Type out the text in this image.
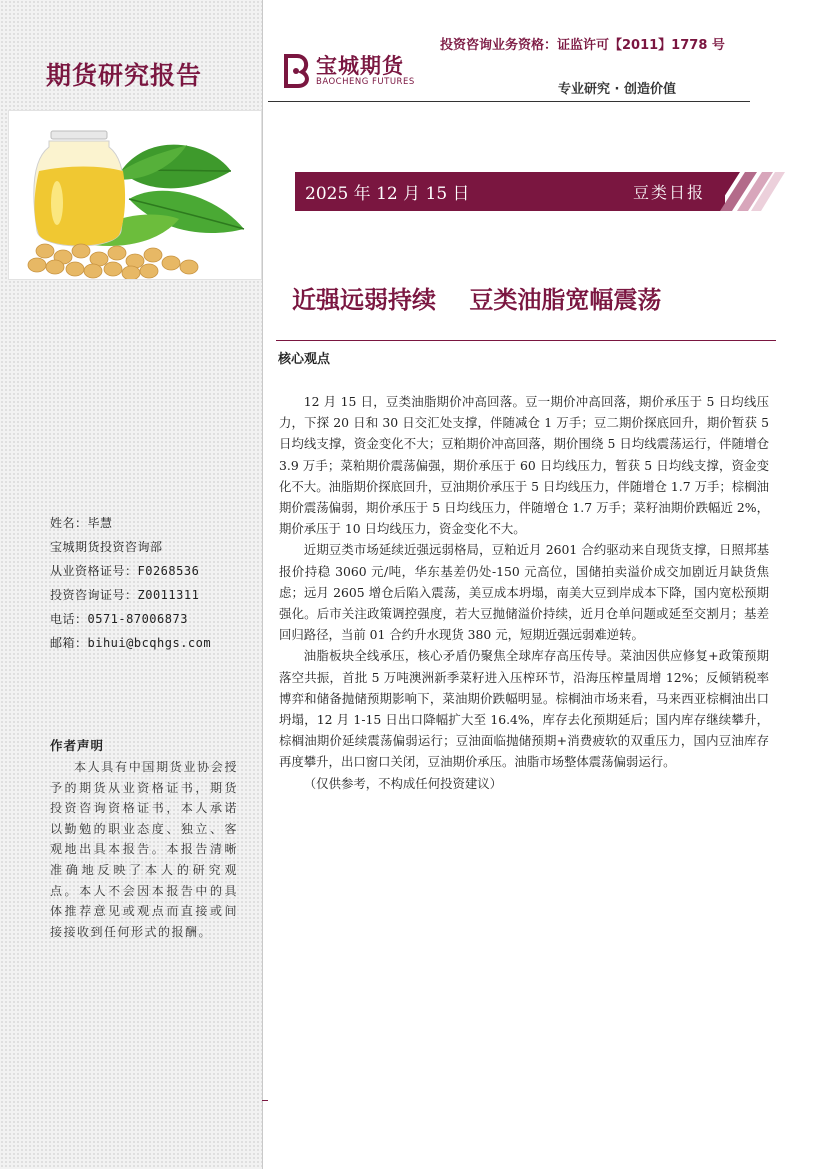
期货研究报告
投资咨询业务资格：证监许可【2011】1778 号
宝城期货
BAOCHENG FUTURES	专业研究 · 创造价值
2025 年 12 月 15 日	豆类日报
近强远弱持续    豆类油脂宽幅震荡
核心观点

12 月 15 日，豆类油脂期价冲高回落。豆一期价冲高回落，期价承压于 5 日均线压力，下探 20 日和 30 日交汇处支撑，伴随减仓 1 万手；豆二期价探底回升，期价暂获 5 日均线支撑，资金变化不大；豆粕期价冲高回落，期价围绕 5 日均线震荡运行，伴随增仓 3.9 万手；菜粕期价震荡偏强，期价承压于 60 日均线压力，暂获 5 日均线支撑，资金变化不大。油脂期价探底回升，豆油期价承压于 5 日均线压力，伴随增仓 1.7 万手；棕榈油期价震荡偏弱，期价承压于 5 日均线压力，伴随增仓 1.7 万手；菜籽油期价跌幅近 2%，期价承压于 10 日均线压力，资金变化不大。

近期豆类市场延续近强远弱格局，豆粕近月 2601 合约驱动来自现货支撑，日照邦基报价持稳 3060 元/吨，华东基差仍处-150 元高位，国储拍卖溢价成交加剧近月缺货焦虑；远月 2605 增仓后陷入震荡，美豆成本坍塌，南美大豆到岸成本下降，国内宽松预期强化。后市关注政策调控强度，若大豆抛储溢价持续，近月仓单问题或延至交割月；基差回归路径，当前 01 合约升水现货 380 元，短期近强远弱难逆转。

油脂板块全线承压，核心矛盾仍聚焦全球库存高压传导。菜油因供应修复+政策预期落空共振，首批 5 万吨澳洲新季菜籽进入压榨环节，沿海压榨量周增 12%；反倾销税率博弈和储备抛储预期影响下，菜油期价跌幅明显。棕榈油市场来看，马来西亚棕榈油出口坍塌，12 月 1-15 日出口降幅扩大至 16.4%，库存去化预期延后；国内库存继续攀升，棕榈油期价延续震荡偏弱运行；豆油面临抛储预期+消费疲软的双重压力，国内豆油库存再度攀升，出口窗口关闭，豆油期价承压。油脂市场整体震荡偏弱运行。

（仅供参考，不构成任何投资建议）

姓名：毕慧
宝城期货投资咨询部
从业资格证号：F0268536
投资咨询证号：Z0011311
电话：0571-87006873
邮箱：bihui@bcqhgs.com
作者声明

本人具有中国期货业协会授予的期货从业资格证书，期货投资咨询资格证书，本人承诺以勤勉的职业态度、独立、客观地出具本报告。本报告清晰准确地反映了本人的研究观点。本人不会因本报告中的具体推荐意见或观点而直接或间接接收到任何形式的报酬。
